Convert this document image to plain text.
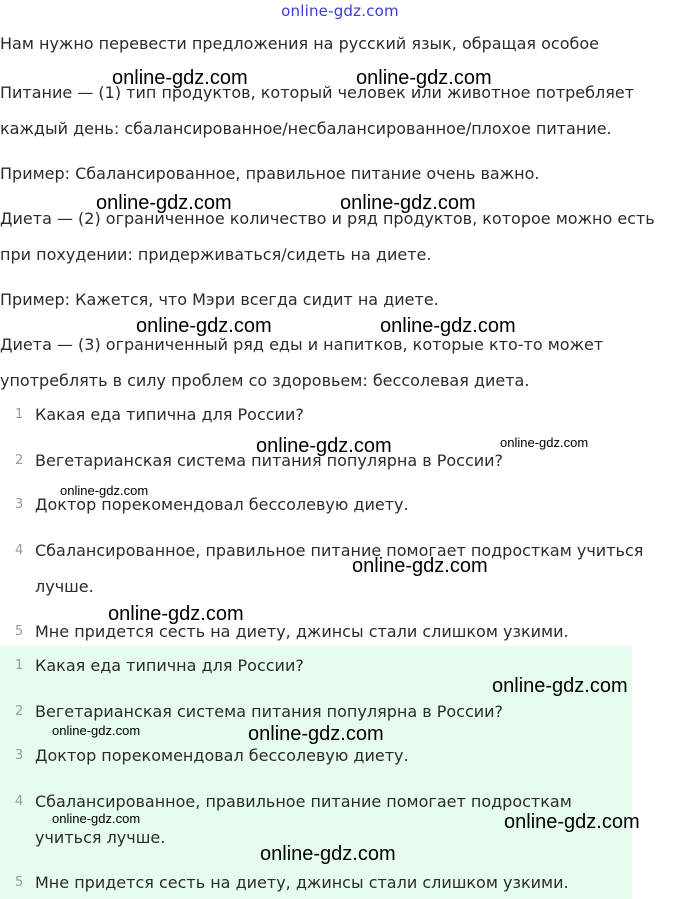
online-gdz.com
Нам нужно перевести предложения на русский язык, обращая особое
Питание — (1) тип продуктов, который человек или животное потребляет
каждый день: сбалансированное/несбалансированное/плохое питание.
Пример: Сбалансированное, правильное питание очень важно.
Диета — (2) ограниченное количество и ряд продуктов, которое можно есть
при похудении: придерживаться/сидеть на диете.
Пример: Кажется, что Мэри всегда сидит на диете.
Диета — (3) ограниченный ряд еды и напитков, которые кто-то может
употреблять в силу проблем со здоровьем: бессолевая диета.
1 Какая еда типична для России?
2 Вегетарианская система питания популярна в России?
3 Доктор порекомендовал бессолевую диету.
4 Сбалансированное, правильное питание помогает подросткам учиться
лучше.
5 Мне придется сесть на диету, джинсы стали слишком узкими.
1 Какая еда типична для России?
2 Вегетарианская система питания популярна в России?
3 Доктор порекомендовал бессолевую диету.
4 Сбалансированное, правильное питание помогает подросткам
учиться лучше.
5 Мне придется сесть на диету, джинсы стали слишком узкими.
online-gdz.com	online-gdz.com
online-gdz.com	online-gdz.com
online-gdz.com	online-gdz.com
online-gdz.com	online-gdz.com
online-gdz.com
online-gdz.com
online-gdz.com
online-gdz.com
online-gdz.com	online-gdz.com
online-gdz.com	online-gdz.com
online-gdz.com
